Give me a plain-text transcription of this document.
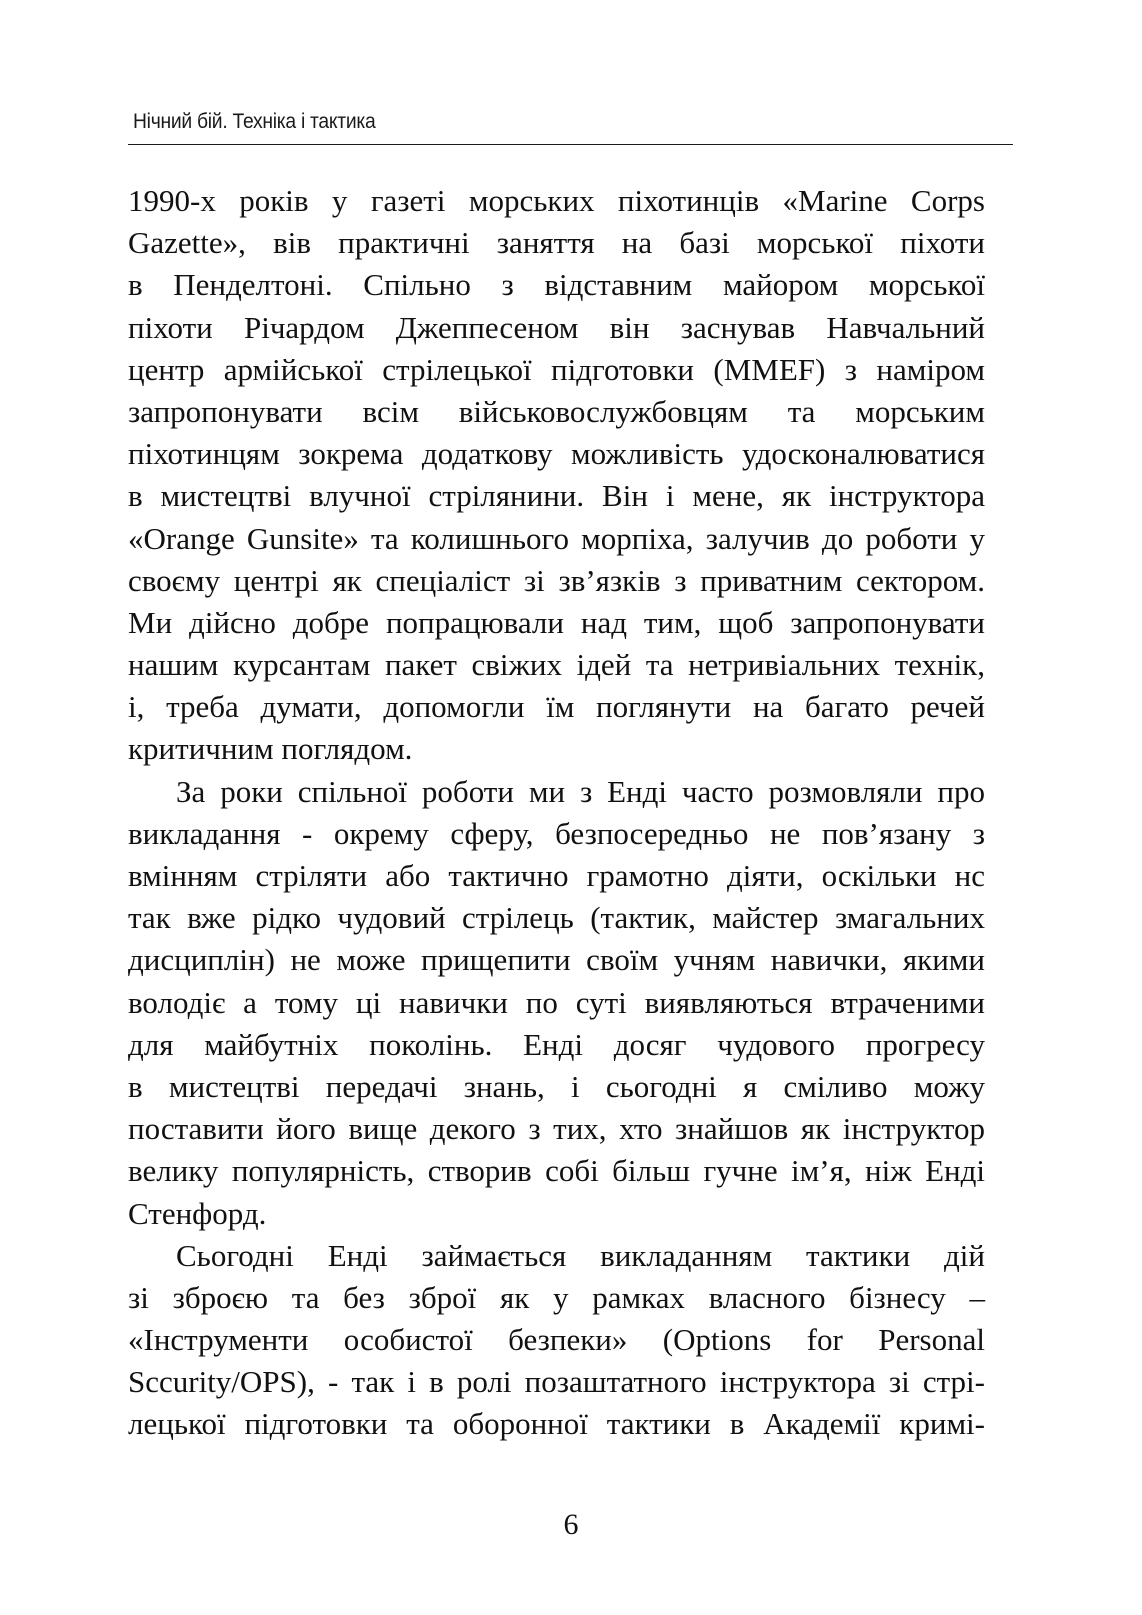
Нічний бій. Техніка і тактика
1990-х років у газеті морських піхотинців «Marine Corps
Gazette», вів практичні заняття на базі морської піхоти
в Пенделтоні. Спільно з відставним майором морської
піхоти Річардом Джеппесеном він заснував Навчальний
центр армійської стрілецької підготовки (MMEF) з наміром
запропонувати всім військовослужбовцям та морським
піхотинцям зокрема додаткову можливість удосконалюватися
в мистецтві влучної стрілянини. Він і мене, як інструктора
«Orange Gunsite» та колишнього морпіха, залучив до роботи у
своєму центрі як спеціаліст зі зв’язків з приватним сектором.
Ми дійсно добре попрацювали над тим, щоб запропонувати
нашим курсантам пакет свіжих ідей та нетривіальних технік,
і, треба думати, допомогли їм поглянути на багато речей
критичним поглядом.
За роки спільної роботи ми з Енді часто розмовляли про
викладання - окрему сферу, безпосередньо не пов’язану з
вмінням стріляти або тактично грамотно діяти, оскільки нс
так вже рідко чудовий стрілець (тактик, майстер змагальних
дисциплін) не може прищепити своїм учням навички, якими
володіє а тому ці навички по суті виявляються втраченими
для майбутніх поколінь. Енді досяг чудового прогресу
в мистецтві передачі знань, і сьогодні я сміливо можу
поставити його вище декого з тих, хто знайшов як інструктор
велику популярність, створив собі більш гучне ім’я, ніж Енді
Стенфорд.
Сьогодні Енді займається викладанням тактики дій
зі зброєю та без зброї як у рамках власного бізнесу –
«Інструменти особистої безпеки» (Options for Personal
Sccurity/OPS), - так і в ролі позаштатного інструктора зі стрі-
лецької підготовки та оборонної тактики в Академії кримі-
6
